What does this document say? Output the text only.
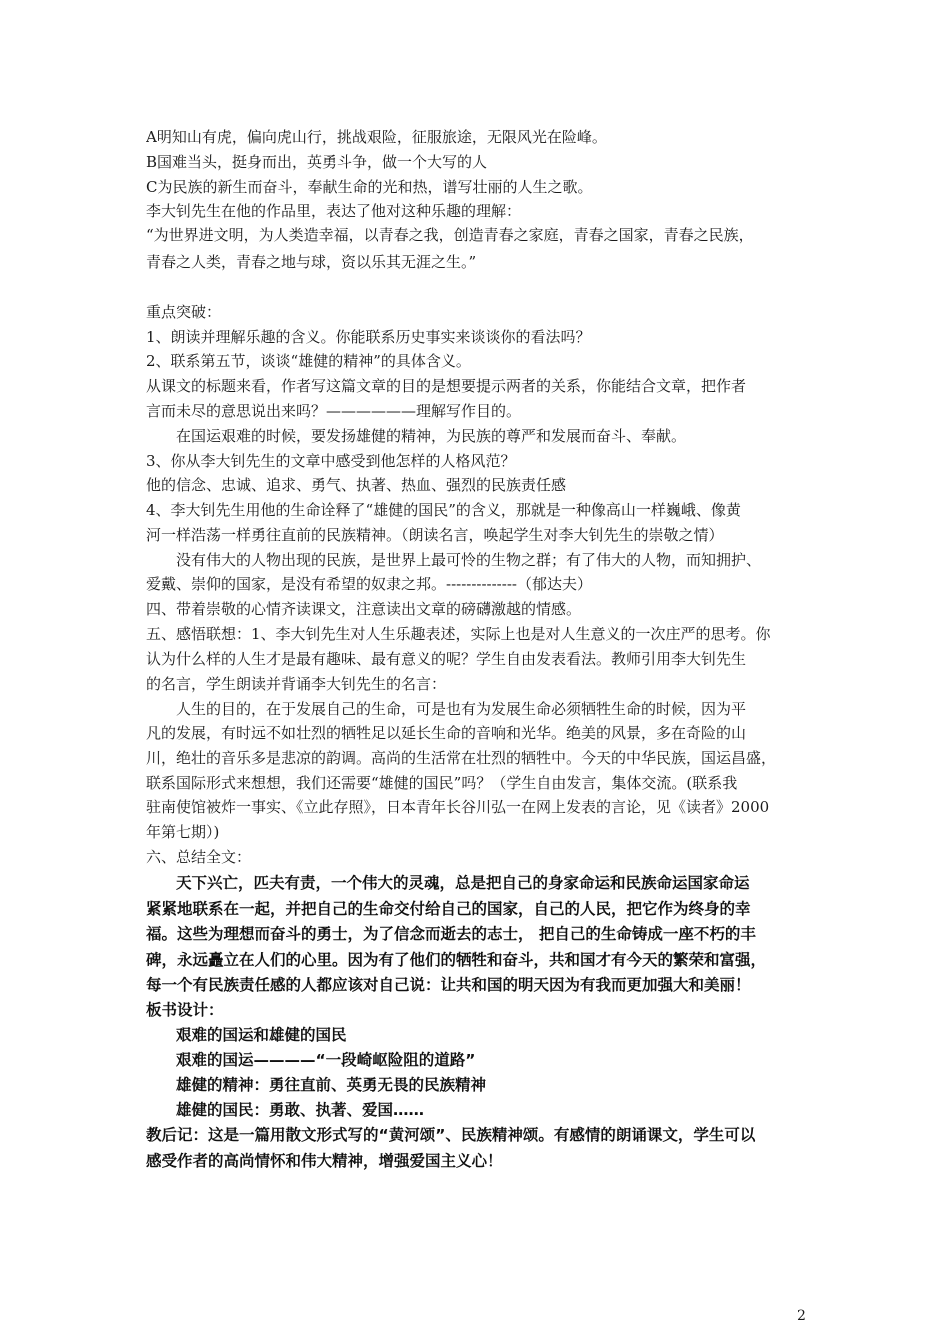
A明知山有虎，偏向虎山行，挑战艰险，征服旅途，无限风光在险峰。
B国难当头，挺身而出，英勇斗争，做一个大写的人
C为民族的新生而奋斗，奉献生命的光和热，谱写壮丽的人生之歌。
李大钊先生在他的作品里，表达了他对这种乐趣的理解：
“为世界进文明，为人类造幸福，以青春之我，创造青春之家庭，青春之国家，青春之民族，
青春之人类，青春之地与球，资以乐其无涯之生。”
重点突破：
1、朗读并理解乐趣的含义。你能联系历史事实来谈谈你的看法吗？
2、联系第五节，谈谈“雄健的精神”的具体含义。
从课文的标题来看，作者写这篇文章的目的是想要提示两者的关系，你能结合文章，把作者
言而未尽的意思说出来吗？——————理解写作目的。
在国运艰难的时候，要发扬雄健的精神，为民族的尊严和发展而奋斗、奉献。
3、你从李大钊先生的文章中感受到他怎样的人格风范？
他的信念、忠诚、追求、勇气、执著、热血、强烈的民族责任感
4、李大钊先生用他的生命诠释了“雄健的国民”的含义，那就是一种像高山一样巍峨、像黄
河一样浩荡一样勇往直前的民族精神。（朗读名言，唤起学生对李大钊先生的崇敬之情）
没有伟大的人物出现的民族，是世界上最可怜的生物之群；有了伟大的人物，而知拥护、
爱戴、崇仰的国家，是没有希望的奴隶之邦。--------------（郁达夫）
四、带着崇敬的心情齐读课文，注意读出文章的磅礴激越的情感。
五、感悟联想：1、李大钊先生对人生乐趣表述，实际上也是对人生意义的一次庄严的思考。你
认为什么样的人生才是最有趣味、最有意义的呢？学生自由发表看法。教师引用李大钊先生
的名言，学生朗读并背诵李大钊先生的名言：
人生的目的，在于发展自己的生命，可是也有为发展生命必须牺牲生命的时候，因为平
凡的发展，有时远不如壮烈的牺牲足以延长生命的音响和光华。绝美的风景，多在奇险的山
川，绝壮的音乐多是悲凉的韵调。高尚的生活常在壮烈的牺牲中。今天的中华民族，国运昌盛，
联系国际形式来想想，我们还需要“雄健的国民”吗？（学生自由发言，集体交流。(联系我
驻南使馆被炸一事实、《立此存照》，日本青年长谷川弘一在网上发表的言论，见《读者》2000
年第七期）)
六、总结全文：
天下兴亡，匹夫有责，一个伟大的灵魂，总是把自己的身家命运和民族命运国家命运
紧紧地联系在一起，并把自己的生命交付给自己的国家，自己的人民，把它作为终身的幸
福。这些为理想而奋斗的勇士，为了信念而逝去的志士， 把自己的生命铸成一座不朽的丰
碑，永远矗立在人们的心里。因为有了他们的牺牲和奋斗，共和国才有今天的繁荣和富强，
每一个有民族责任感的人都应该对自己说：让共和国的明天因为有我而更加强大和美丽！
板书设计：
艰难的国运和雄健的国民
艰难的国运————“一段崎岖险阻的道路”
雄健的精神：勇往直前、英勇无畏的民族精神
雄健的国民：勇敢、执著、爱国……
教后记：这是一篇用散文形式写的“黄河颂”、民族精神颂。有感情的朗诵课文，学生可以
感受作者的高尚情怀和伟大精神，增强爱国主义心！
2
